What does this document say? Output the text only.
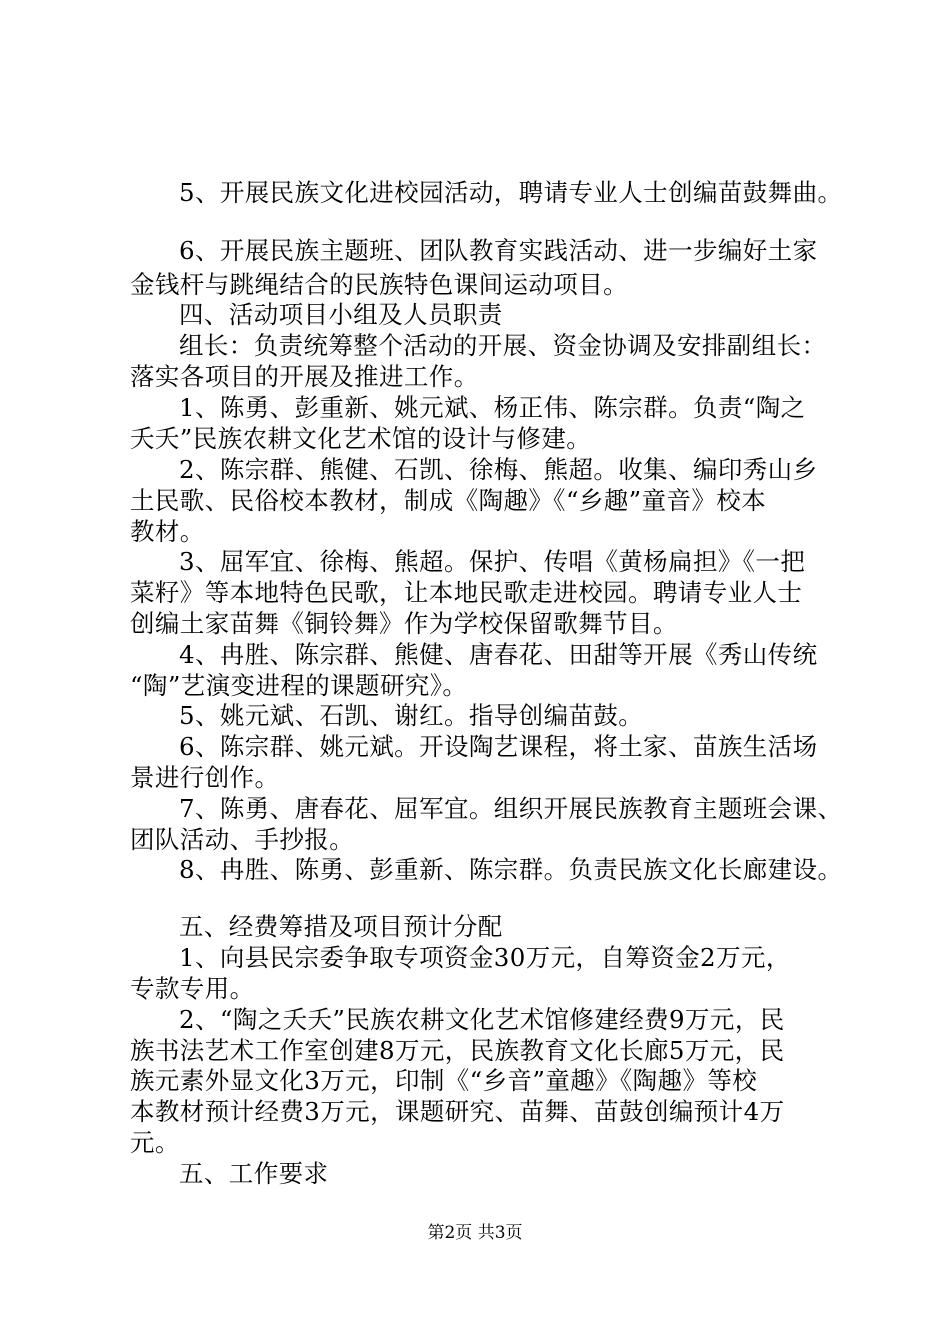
5、开展民族文化进校园活动，聘请专业人士创编苗鼓舞曲。
6、开展民族主题班、团队教育实践活动、进一步编好土家
金钱杆与跳绳结合的民族特色课间运动项目。
四、活动项目小组及人员职责
组长：负责统筹整个活动的开展、资金协调及安排副组长：
落实各项目的开展及推进工作。
1、陈勇、彭重新、姚元斌、杨正伟、陈宗群。负责“陶之
夭夭”民族农耕文化艺术馆的设计与修建。
2、陈宗群、熊健、石凯、徐梅、熊超。收集、编印秀山乡
土民歌、民俗校本教材，制成《陶趣》《“乡趣”童音》校本
教材。
3、屈军宜、徐梅、熊超。保护、传唱《黄杨扁担》《一把
菜籽》等本地特色民歌，让本地民歌走进校园。聘请专业人士
创编土家苗舞《铜铃舞》作为学校保留歌舞节目。
4、冉胜、陈宗群、熊健、唐春花、田甜等开展《秀山传统
“陶”艺演变进程的课题研究》。
5、姚元斌、石凯、谢红。指导创编苗鼓。
6、陈宗群、姚元斌。开设陶艺课程，将土家、苗族生活场
景进行创作。
7、陈勇、唐春花、屈军宜。组织开展民族教育主题班会课、
团队活动、手抄报。
8、冉胜、陈勇、彭重新、陈宗群。负责民族文化长廊建设。
五、经费筹措及项目预计分配
1、向县民宗委争取专项资金30万元，自筹资金2万元，
专款专用。
2、“陶之夭夭”民族农耕文化艺术馆修建经费9万元，民
族书法艺术工作室创建8万元，民族教育文化长廊5万元，民
族元素外显文化3万元，印制《“乡音”童趣》《陶趣》等校
本教材预计经费3万元，课题研究、苗舞、苗鼓创编预计4万
元。
五、工作要求
第2页 共3页
